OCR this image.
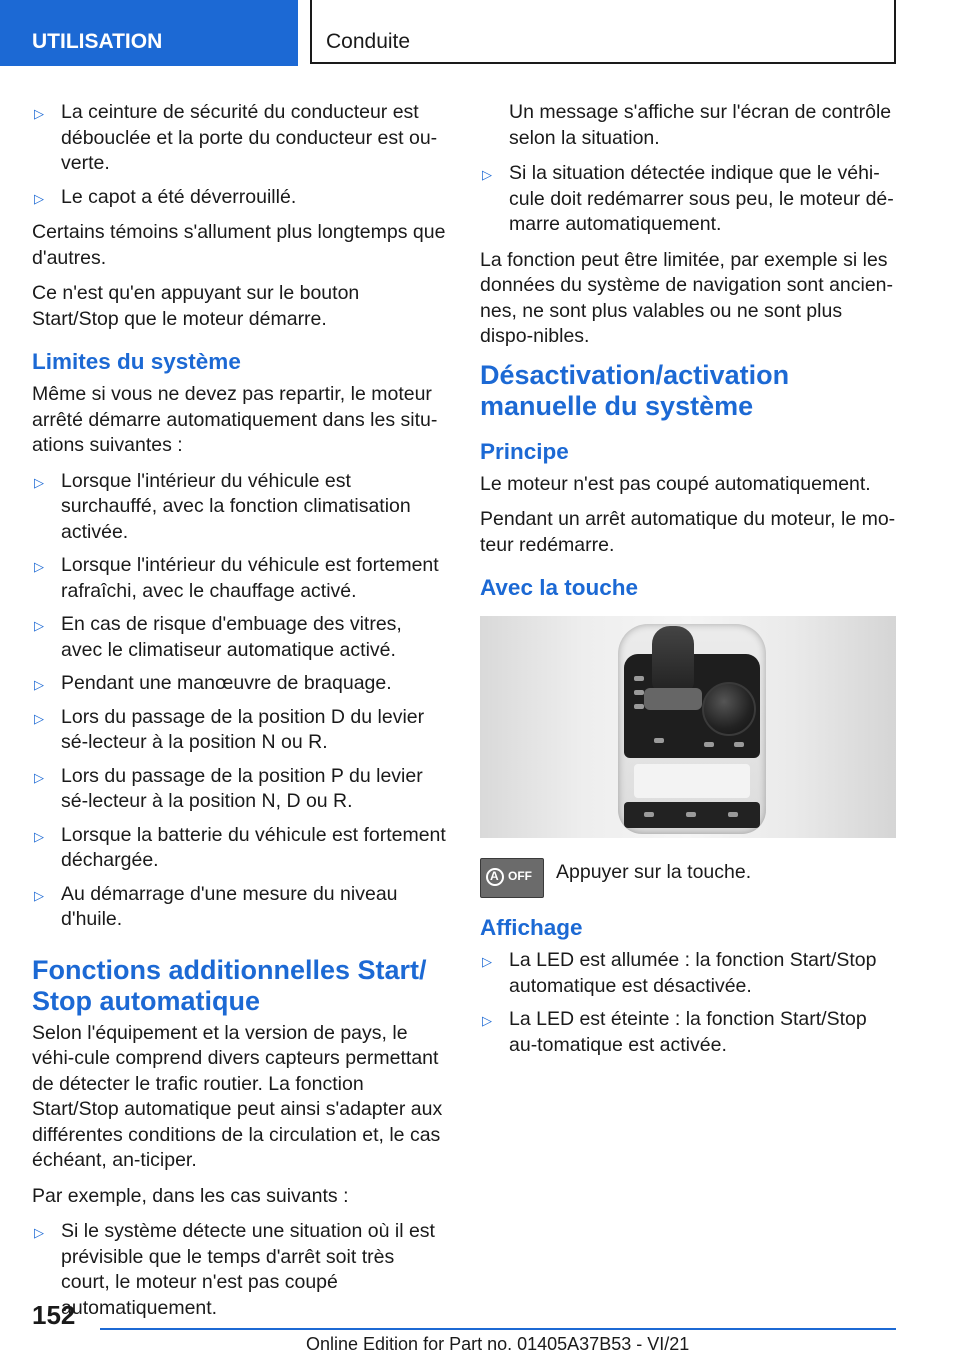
UTILISATION	Conduite
▷ La ceinture de sécurité du conducteur est débouclée et la porte du conducteur est ou-verte.
▷ Le capot a été déverrouillé.

Certains témoins s'allument plus longtemps que d'autres.

Ce n'est qu'en appuyant sur le bouton Start/Stop que le moteur démarre.

Limites du système

Même si vous ne devez pas repartir, le moteur arrêté démarre automatiquement dans les situ-ations suivantes :

▷ Lorsque l'intérieur du véhicule est surchauffé, avec la fonction climatisation activée.
▷ Lorsque l'intérieur du véhicule est fortement rafraîchi, avec le chauffage activé.
▷ En cas de risque d'embuage des vitres, avec le climatiseur automatique activé.
▷ Pendant une manœuvre de braquage.
▷ Lors du passage de la position D du levier sé-lecteur à la position N ou R.
▷ Lors du passage de la position P du levier sé-lecteur à la position N, D ou R.
▷ Lorsque la batterie du véhicule est fortement déchargée.
▷ Au démarrage d'une mesure du niveau d'huile.
Fonctions additionnelles Start/ Stop automatique

Selon l'équipement et la version de pays, le véhi-cule comprend divers capteurs permettant de détecter le trafic routier. La fonction Start/Stop automatique peut ainsi s'adapter aux différentes conditions de la circulation et, le cas échéant, an-ticiper.

Par exemple, dans les cas suivants :

▷ Si le système détecte une situation où il est prévisible que le temps d'arrêt soit très court, le moteur n'est pas coupé automatiquement.

Un message s'affiche sur l'écran de contrôle selon la situation.

▷ Si la situation détectée indique que le véhi-cule doit redémarrer sous peu, le moteur dé-marre automatiquement.

La fonction peut être limitée, par exemple si les données du système de navigation sont ancien-nes, ne sont plus valables ou ne sont plus dispo-nibles.

Désactivation/activation manuelle du système
Principe

Le moteur n'est pas coupé automatiquement.

Pendant un arrêt automatique du moteur, le mo-teur redémarre.

Avec la touche
A
OFF Appuyer sur la touche.

Affichage
▷ La LED est allumée : la fonction Start/Stop automatique est désactivée.
▷ La LED est éteinte : la fonction Start/Stop au-tomatique est activée.
152
Online Edition for Part no. 01405A37B53 - VI/21
